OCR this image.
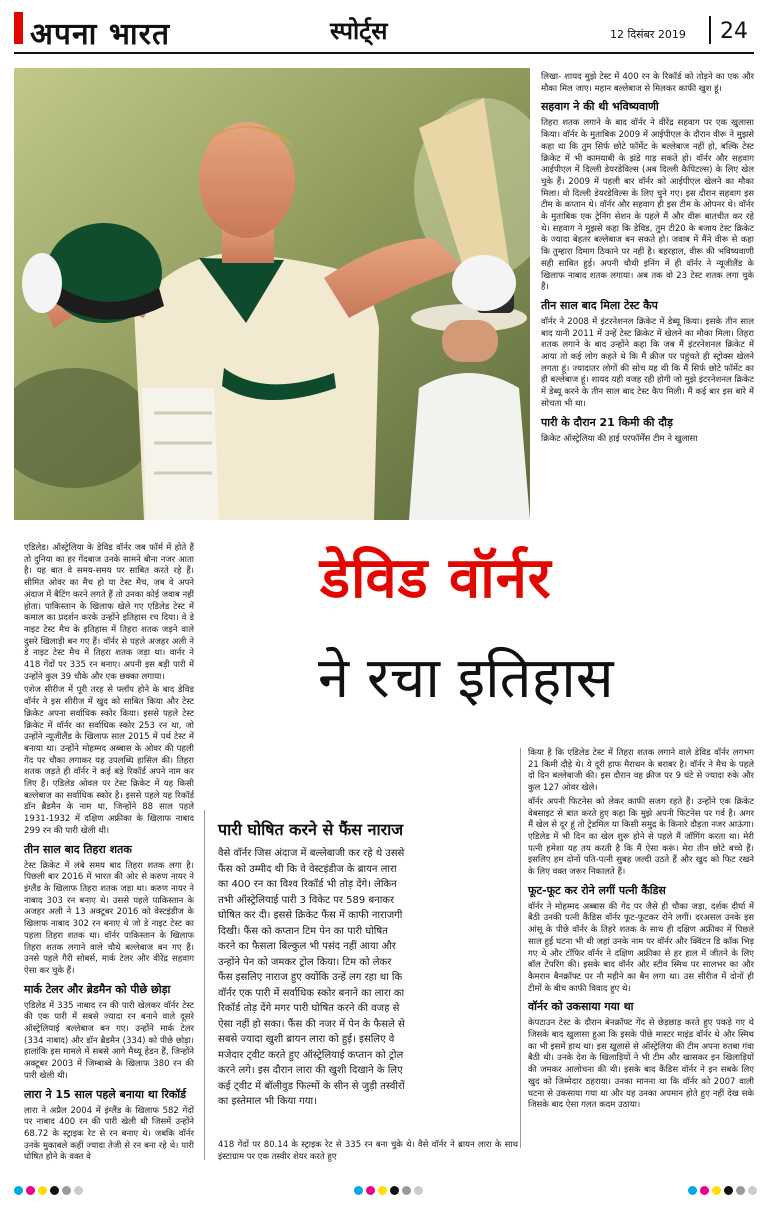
अपना भारत	स्पोर्ट्स	12 दिसंबर 2019 24

लिखा- शायद मुझे टेस्ट में 400 रन के रिकॉर्ड को तोड़ने का एक और मौका मिल जाए। महान बल्लेबाज से मिलकर काफी खुश हूं।

सहवाग ने की थी भविष्यवाणी

तिहरा शतक लगाने के बाद वॉर्नर ने वीरेंद्र सहवाग पर एक खुलासा किया। वॉर्नर के मुताबिक 2009 में आईपीएल के दौरान वीरू ने मुझसे कहा था कि तुम सिर्फ छोटे फॉर्मेट के बल्लेबाज नहीं हो, बल्कि टेस्ट क्रिकेट में भी कामयाबी के झंडे गाड़ सकते हो। वॉर्नर और सहवाग आईपीएल में दिल्ली डेयरडेविल्स (अब दिल्ली कैपिटल्स) के लिए खेल चुके हैं। 2009 में पहली बार वॉर्नर को आईपीएल खेलने का मौका मिला। वो दिल्ली डेयरडेविल्स के लिए चुने गए। इस दौरान सहवाग इस टीम के कप्तान थे। वॉर्नर और सहवाग ही इस टीम के ओपनर थे। वॉर्नर के मुताबिक एक ट्रेनिंग सेशन के पहले मैं और वीरू बातचीत कर रहे थे। सहवाग ने मुझसे कहा कि डेविड, तुम टी20 के बजाय टेस्ट क्रिकेट के ज्यादा बेहतर बल्लेबाज बन सकते हो। जवाब में मैंने वीरू से कहा कि तुम्हारा दिमाग ठिकाने पर नहीं है। बहरहाल, वीरू की भविष्यवाणी सही साबित हुई। अपनी चौथी इनिंग में ही वॉर्नर ने न्यूजीलैंड के खिलाफ नाबाद शतक लगाया। अब तक वो 23 टेस्ट शतक लगा चुके हैं।

तीन साल बाद मिला टेस्ट कैप

वॉर्नर ने 2008 में इंटरनेशनल क्रिकेट में डेब्यू किया। इसके तीन साल बाद यानी 2011 में उन्हें टेस्ट क्रिकेट में खेलने का मौका मिला। तिहरा शतक लगाने के बाद उन्होंने कहा कि जब मैं इंटरनेशनल क्रिकेट में आया तो कई लोग कहते थे कि मैं क्रीज पर पहुंचते ही स्ट्रोक्स खेलने लगता हूं। ज्यादातर लोगों की सोच यह थी कि मैं सिर्फ छोटे फॉर्मेट का ही बल्लेबाज हूं। शायद यही वजह रही होगी जो मुझे इंटरनेशनल क्रिकेट में डेब्यू करने के तीन साल बाद टेस्ट कैप मिली। मैं कई बार इस बारे में सोचता भी था।

पारी के दौरान 21 किमी की दौड़

क्रिकेट ऑस्ट्रेलिया की हाई परफॉर्मेंस टीम ने खुलासा

डेविड वॉर्नर
ने रचा इतिहास

एडिलेड। ऑस्ट्रेलिया के डेविड वॉर्नर जब फॉर्म में होते हैं तो दुनिया का हर गेंदबाज उनके सामने बौना नजर आता है। यह बात वे समय-समय पर साबित करते रहे हैं। सीमित ओवर का मैच हो या टेस्ट मैच, जब वे अपने अंदाज में बैटिंग करने लगते हैं तो उनका कोई जवाब नहीं होता। पाकिस्तान के खिलाफ खेले गए एडिलेड टेस्ट में कमाल का प्रदर्शन करके उन्होंने इतिहास रच दिया। वे डे नाइट टेस्ट मैच के इतिहास में तिहरा शतक जड़ने वाले दुसरे खिलाड़ी बन गए हैं। वॉर्नर से पहले अजहर अली ने डे नाइट टेस्ट मैच में तिहरा शतक जड़ा था। वार्नर ने 418 गेंदों पर 335 रन बनाए। अपनी इस बड़ी पारी में उन्होंने कुल 39 चौके और एक छक्का लगाया।

एशेज सीरीज में पूरी तरह से फ्लॉप होने के बाद डेविड वॉर्नर ने इस सीरीज में खुद को साबित किया और टेस्ट क्रिकेट अपना सर्वाधिक स्कोर किया। इससे पहले टेस्ट क्रिकेट में वॉर्नर का सर्वाधिक स्कोर 253 रन था, जो उन्होंने न्यूजीलैंड के खिलाफ साल 2015 में पर्थ टेस्ट में बनाया था। उन्होंने मोहम्मद अब्बास के ओवर की पहली गेंद पर चौका लगाकर यह उपलब्धि हासिल की। तिहरा शतक जड़ते ही वॉर्नर ने कई बड़े रिकॉर्ड अपने नाम कर लिए हैं। एडिलेड ओवल पर टेस्ट क्रिकेट में यह किसी बल्लेबाज का सर्वाधिक स्कोर है। इससे पहले यह रिकॉर्ड डॉन ब्रैडमैन के नाम था, जिन्होंने 88 साल पहले 1931-1932 में दक्षिण अफ्रीका के खिलाफ नाबाद 299 रन की पारी खेली थी।

तीन साल बाद तिहरा शतक

टेस्ट क्रिकेट में लंबे समय बाद तिहरा शतक लगा है। पिछली बार 2016 में भारत की ओर से करुण नायर ने इंग्लैंड के खिलाफ तिहरा शतक जड़ा था। करुण नायर ने नाबाद 303 रन बनाए थे। उससे पहले पाकिस्तान के अजहर अली ने 13 अक्टूबर 2016 को वेस्टइंडीज के खिलाफ नाबाद 302 रन बनाए थे जो डे नाइट टेस्ट का पहला तिहरा शतक था। वॉर्नर पाकिस्तान के खिलाफ तिहरा शतक लगाने वाले चौथे बल्लेबाज बन गए हैं। उनसे पहले गैरी सोबर्स, मार्क टेलर और वीरेंद्र सहवाग ऐसा कर चुके हैं।

मार्क टेलर और ब्रेडमैन को पीछे छोड़ा

एडिलेड में 335 नाबाद रन की पारी खेलकर वॉर्नर टेस्ट की एक पारी में सबसे ज्यादा रन बनाने वाले दूसरे ऑस्ट्रेलियाई बल्लेबाज बन गए। उन्होंने मार्क टेलर (334 नाबाद) और डॉन ब्रैडमैन (334) को पीछे छोड़ा। हालांकि इस मामले में सबसे आगे मैथ्यू हेडन हैं, जिन्होंने अक्टूबर 2003 में जिम्बाब्वे के खिलाफ 380 रन की पारी खेली थी।

लारा ने 15 साल पहले बनाया था रिकॉर्ड

लारा ने अप्रैल 2004 में इंग्लैंड के खिलाफ 582 गेंदों पर नाबाद 400 रन की पारी खेली थी जिसमें उन्होंने 68.72 के स्ट्राइक रेट से रन बनाए थे। जबकि वॉर्नर उनके मुकाबले कहीं ज्यादा तेजी से रन बना रहे थे। पारी घोषित होने के वक्त वे

पारी घोषित करने से फैंस नाराज
वैसे वॉर्नर जिस अंदाज में बल्लेबाजी कर रहे थे उससे फैंस को उम्मीद थी कि वे वेस्टइंडीज के ब्रायन लारा का 400 रन का विश्व रिकॉर्ड भी तोड़ देंगे। लेकिन तभी ऑस्ट्रेलियाई पारी 3 विकेट पर 589 बनाकर घोषित कर दी। इससे क्रिकेट फैंस में काफी नाराजगी दिखी। फैंस को कप्तान टिम पेन का पारी घोषित करने का फैसला बिल्कुल भी पसंद नहीं आया और उन्होंने पेन को जमकर ट्रोल किया। टिम को लेकर फैंस इसलिए नाराज हुए क्योंकि उन्हें लग रहा था कि वॉर्नर एक पारी में सर्वाधिक स्कोर बनाने का लारा का रिकॉर्ड तोड़ देंगे मगर पारी घोषित करने की वजह से ऐसा नहीं हो सका। फैंस की नजर में पेन के फैसले से सबसे ज्यादा खुशी ब्रायन लारा को हुई। इसलिए वे मजेदार ट्वीट करते हुए ऑस्ट्रेलियाई कप्तान को ट्रोल करने लगे। इस दौरान लारा की खुशी दिखाने के लिए कई ट्वीट में बॉलीवुड फिल्मों के सीन से जुड़ी तस्वीरों का इस्तेमाल भी किया गया।

418 गेंदों पर 80.14 के स्ट्राइक रेट से 335 रन बना चुके थे। वैसे वॉर्नर ने ब्रायन लारा के साथ इंस्टाग्राम पर एक तस्वीर शेयर करते हुए

किया है कि एडिलेड टेस्ट में तिहरा शतक लगाने वाले डेविड वॉर्नर लगभग 21 किमी दौड़े थे। ये दूरी हाफ मैराथन के बराबर है। वॉर्नर ने मैच के पहले दो दिन बल्लेबाजी की। इस दौरान वह क्रीज पर 9 घंटे से ज्यादा रुके और कुल 127 ओवर खेले।

वॉर्नर अपनी फिटनेस को लेकर काफी सजग रहते हैं। उन्होंने एक क्रिकेट वेबसाइट से बात करते हुए कहा कि मुझे अपनी फिटनेस पर गर्व है। अगर मैं खेल से दूर हूं तो ट्रेडमिल या किसी समुद्र के किनारे दौड़ता नजर आऊंगा। एडिलेड में भी दिन का खेल शुरू होने से पहले मैं जॉगिंग करता था। मेरी पत्नी हमेशा यह तय करती है कि मैं ऐसा करूं। मेरा तीन छोटे बच्चे हैं। इसलिए हम दोनों पति-पत्नी सुबह जल्दी उठते हैं और खुद को फिट रखने के लिए वक्त जरूर निकालते हैं।

फूट-फूट कर रोने लगीं पत्नी कैंडिस

वॉर्नर ने मोहम्मद अब्बास की गेंद पर जैसे ही चौका जड़ा, दर्शक दीर्घा में बैठी उनकी पत्नी कैंडिस वॉर्नर फूट-फूटकर रोने लगीं। दरअसल उनके इस आंसू के पीछे वॉर्नर के तिहरे शतक के साथ ही दक्षिण अफ्रीका में पिछले साल हुई घटना भी थी जहां उनके नाम पर वॉर्नर और क्विंटन डि कॉक भिड़ गए थे और टॉफिर वॉर्नर ने दक्षिण अफ्रीका से हर हाल में जीतने के लिए बॉल टेंपरिंग की। इसके बाद वॉर्नर और स्टीव स्मिथ पर सालभर का और कैमरान बैनक्रॉफ्ट पर नौ महीने का बैन लगा था। उस सीरीज में दोनों ही टीमों के बीच काफी विवाद हुए थे।

वॉर्नर को उकसाया गया था

केपटाउन टेस्ट के दौरान बेनक्रॉफ्ट गेंद से छेड़छाड़ करते हुए पकड़े गए थे जिसके बाद खुलासा हुआ कि इसके पीछे मास्टर माइंड वॉर्नर थे और स्मिथ का भी इसमें हाथ था। इस खुलासे से ऑस्ट्रेलिया की टीम अपना रुतबा गंवा बैठी थी। उनके देश के खिलाड़ियों ने भी टीम और खासकर इन खिलाड़ियों की जमकर आलोचना की थी। इसके बाद कैंडिस वॉर्नर ने इन सबके लिए खुद को जिम्मेदार ठहराया। उनका मानना था कि वॉर्नर को 2007 वाली घटना से उकसाया गया था और यह उनका अपमान होते हुए नहीं देख सके जिसके बाद ऐसा गलत कदम उठाया।
